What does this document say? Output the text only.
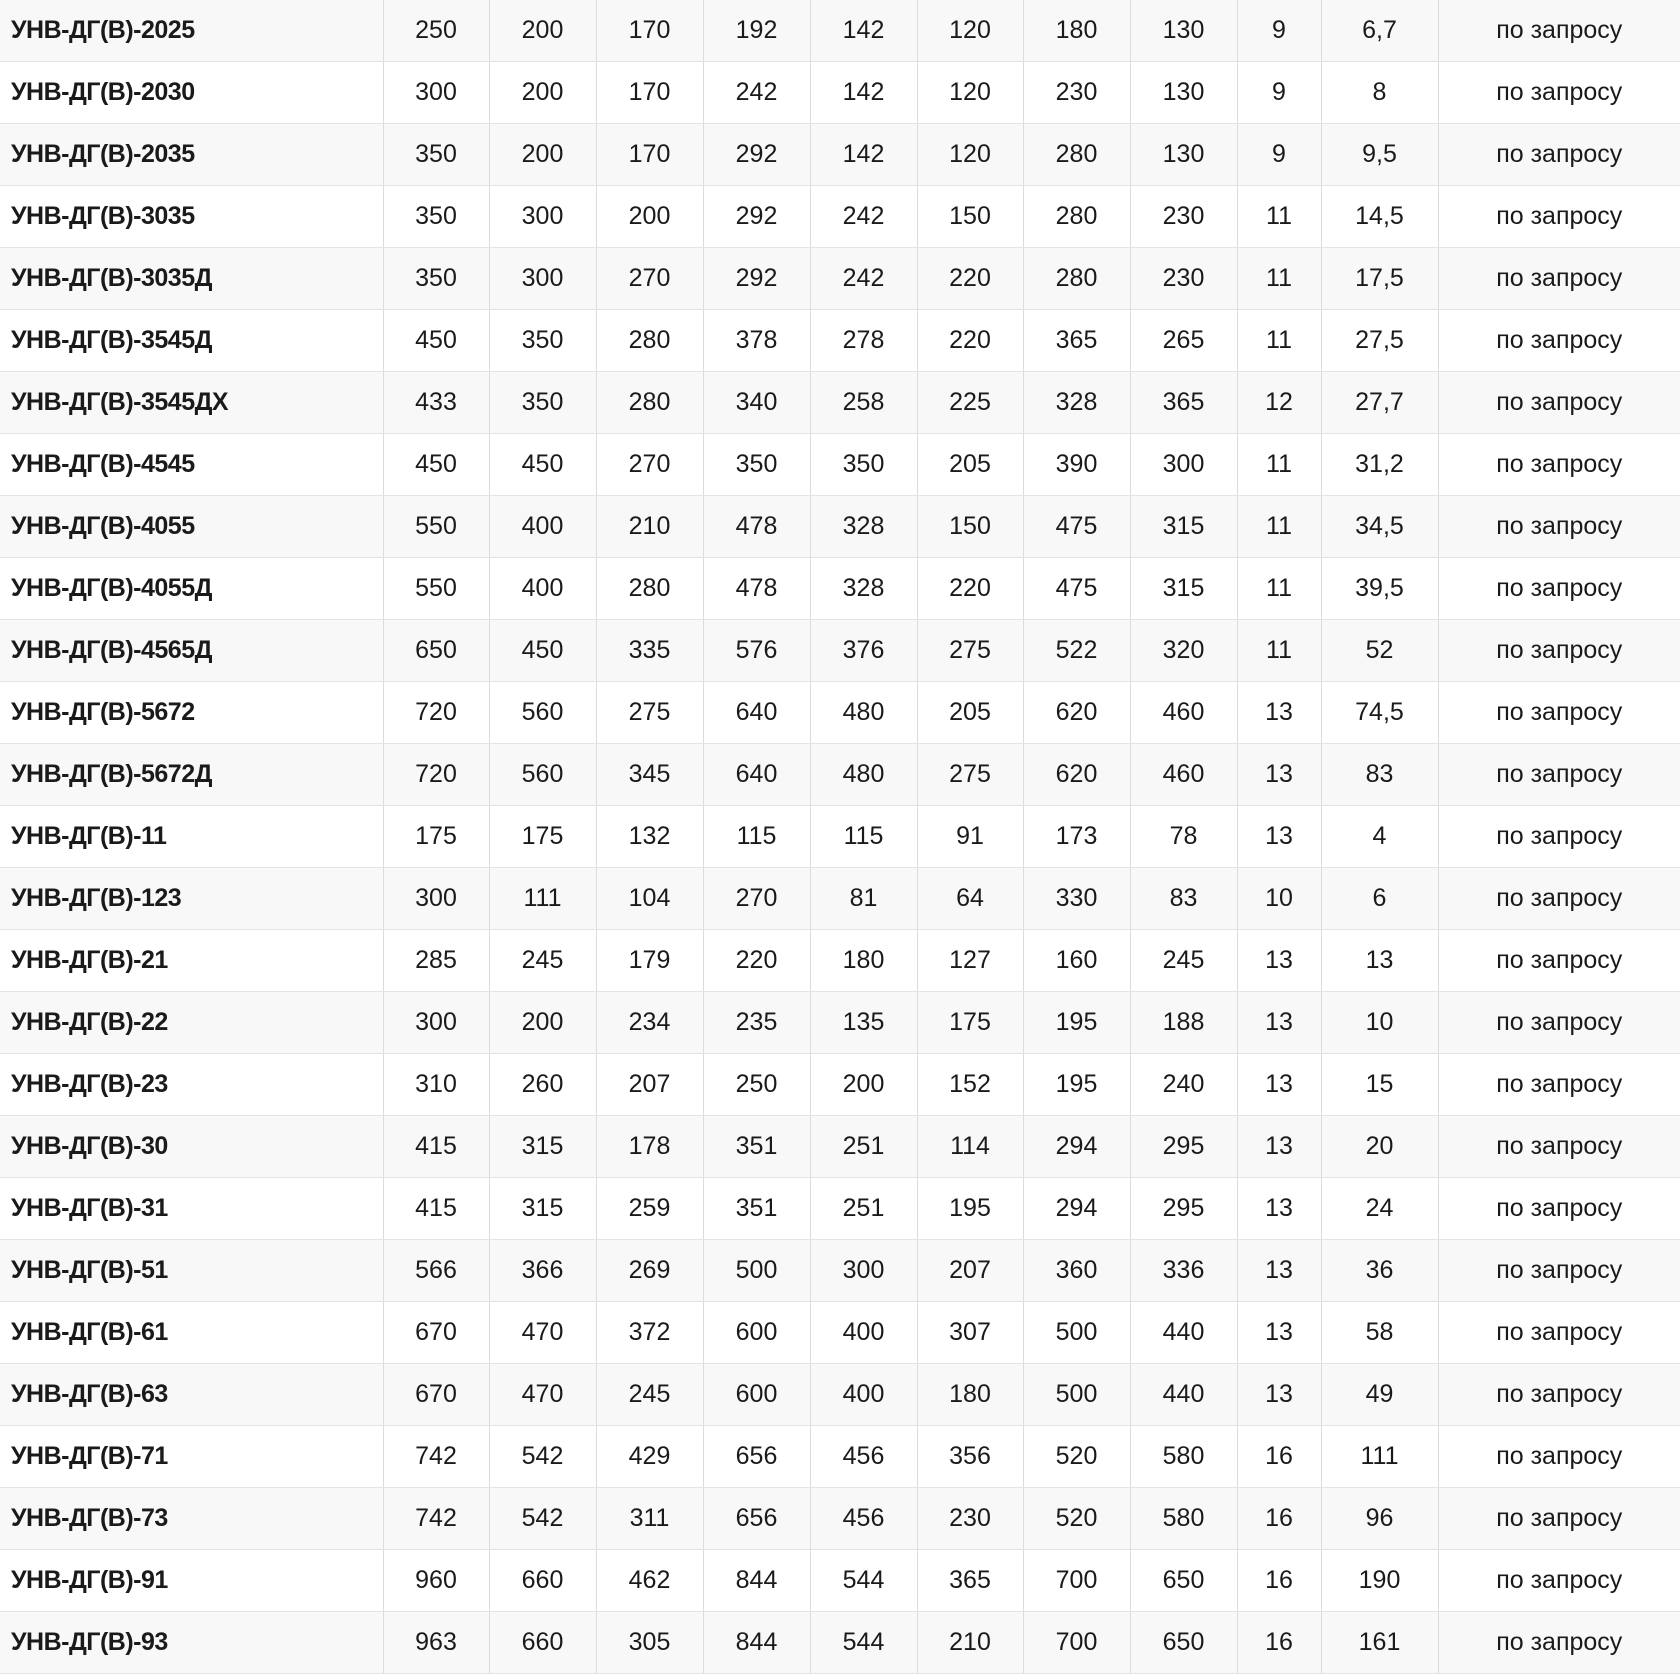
УНВ-ДГ(В)-2025	250	200	170	192	142	120	180	130	9	6,7	по запросу
УНВ-ДГ(В)-2030	300	200	170	242	142	120	230	130	9	8	по запросу
УНВ-ДГ(В)-2035	350	200	170	292	142	120	280	130	9	9,5	по запросу
УНВ-ДГ(В)-3035	350	300	200	292	242	150	280	230	11	14,5	по запросу
УНВ-ДГ(В)-3035Д	350	300	270	292	242	220	280	230	11	17,5	по запросу
УНВ-ДГ(В)-3545Д	450	350	280	378	278	220	365	265	11	27,5	по запросу
УНВ-ДГ(В)-3545ДХ	433	350	280	340	258	225	328	365	12	27,7	по запросу
УНВ-ДГ(В)-4545	450	450	270	350	350	205	390	300	11	31,2	по запросу
УНВ-ДГ(В)-4055	550	400	210	478	328	150	475	315	11	34,5	по запросу
УНВ-ДГ(В)-4055Д	550	400	280	478	328	220	475	315	11	39,5	по запросу
УНВ-ДГ(В)-4565Д	650	450	335	576	376	275	522	320	11	52	по запросу
УНВ-ДГ(В)-5672	720	560	275	640	480	205	620	460	13	74,5	по запросу
УНВ-ДГ(В)-5672Д	720	560	345	640	480	275	620	460	13	83	по запросу
УНВ-ДГ(В)-11	175	175	132	115	115	91	173	78	13	4	по запросу
УНВ-ДГ(В)-123	300	111	104	270	81	64	330	83	10	6	по запросу
УНВ-ДГ(В)-21	285	245	179	220	180	127	160	245	13	13	по запросу
УНВ-ДГ(В)-22	300	200	234	235	135	175	195	188	13	10	по запросу
УНВ-ДГ(В)-23	310	260	207	250	200	152	195	240	13	15	по запросу
УНВ-ДГ(В)-30	415	315	178	351	251	114	294	295	13	20	по запросу
УНВ-ДГ(В)-31	415	315	259	351	251	195	294	295	13	24	по запросу
УНВ-ДГ(В)-51	566	366	269	500	300	207	360	336	13	36	по запросу
УНВ-ДГ(В)-61	670	470	372	600	400	307	500	440	13	58	по запросу
УНВ-ДГ(В)-63	670	470	245	600	400	180	500	440	13	49	по запросу
УНВ-ДГ(В)-71	742	542	429	656	456	356	520	580	16	111	по запросу
УНВ-ДГ(В)-73	742	542	311	656	456	230	520	580	16	96	по запросу
УНВ-ДГ(В)-91	960	660	462	844	544	365	700	650	16	190	по запросу
УНВ-ДГ(В)-93	963	660	305	844	544	210	700	650	16	161	по запросу
